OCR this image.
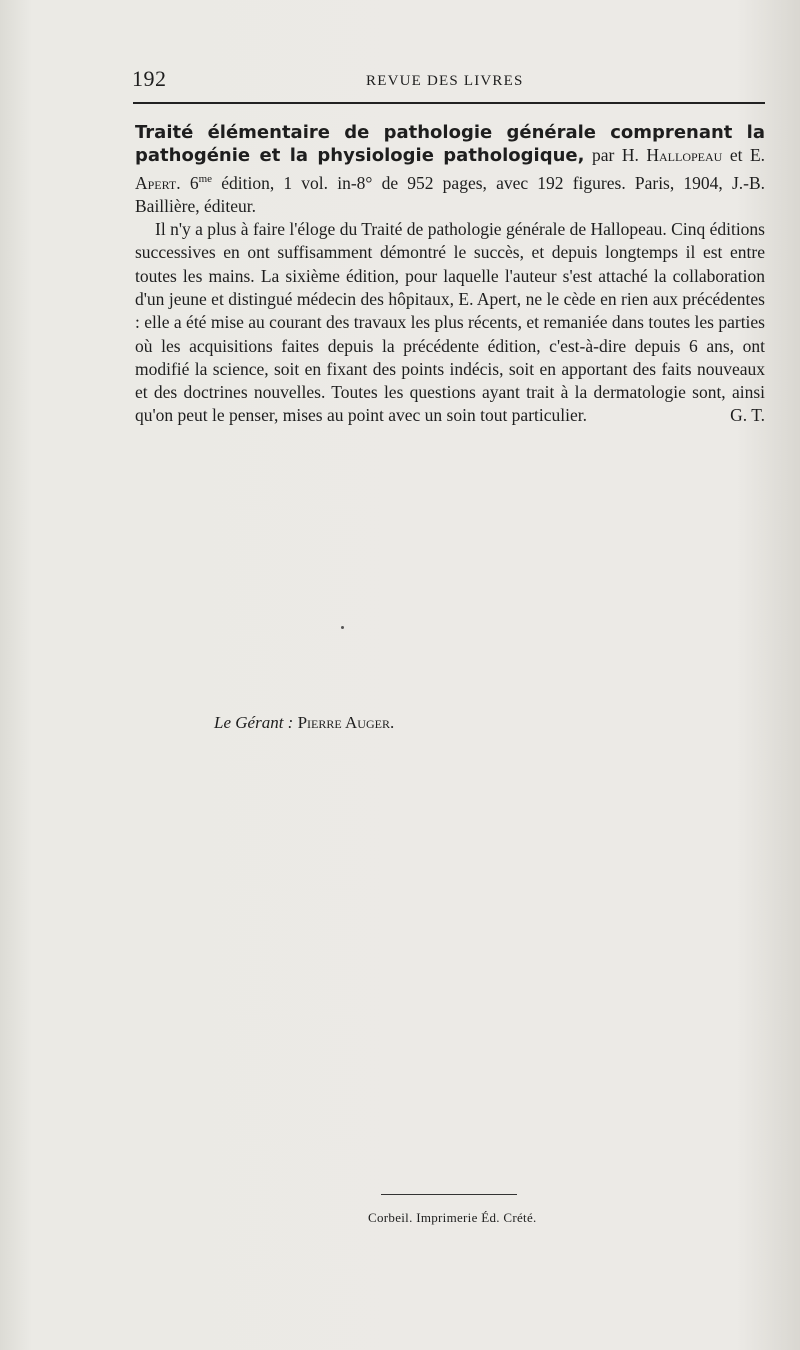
192	REVUE DES LIVRES

Traité élémentaire de pathologie générale comprenant la pathogénie et la physiologie pathologique, par H. Hallopeau et E. Apert. $6^{me}$ édition, 1 vol. in-8° de 952 pages, avec 192 figures. Paris, 1904, J.-B. Baillière, éditeur.

Il n'y a plus à faire l'éloge du Traité de pathologie générale de Hallopeau. Cinq éditions successives en ont suffisamment démontré le succès, et depuis longtemps il est entre toutes les mains. La sixième édition, pour laquelle l'auteur s'est attaché la collaboration d'un jeune et distingué médecin des hôpitaux, E. Apert, ne le cède en rien aux précédentes : elle a été mise au courant des travaux les plus récents, et remaniée dans toutes les parties où les acquisitions faites depuis la précédente édition, c'est-à-dire depuis 6 ans, ont modifié la science, soit en fixant des points indécis, soit en apportant des faits nouveaux et des doctrines nouvelles. Toutes les questions ayant trait à la dermatologie sont, ainsi qu'on peut le penser, mises au point avec un soin tout particulier.	G. T.

Le Gérant : Pierre Auger.
Corbeil. Imprimerie Éd. Crété.
